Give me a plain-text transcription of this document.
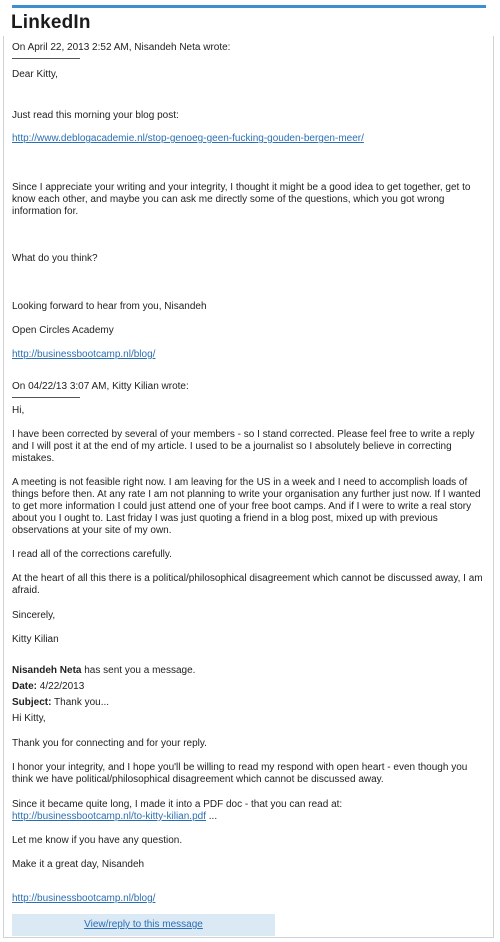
LinkedIn
On April 22, 2013 2:52 AM, Nisandeh Neta wrote:
Dear Kitty,
Just read this morning your blog post:
http://www.deblogacademie.nl/stop-genoeg-geen-fucking-gouden-bergen-meer/
Since I appreciate your writing and your integrity, I thought it might be a good idea to get together, get to know each other, and maybe you can ask me directly some of the questions, which you got wrong information for.
What do you think?
Looking forward to hear from you, Nisandeh
Open Circles Academy
http://businessbootcamp.nl/blog/
On 04/22/13 3:07 AM, Kitty Kilian wrote:
Hi,
I have been corrected by several of your members - so I stand corrected. Please feel free to write a reply and I will post it at the end of my article. I used to be a journalist so I absolutely believe in correcting mistakes.
A meeting is not feasible right now. I am leaving for the US in a week and I need to accomplish loads of things before then. At any rate I am not planning to write your organisation any further just now. If I wanted to get more information I could just attend one of your free boot camps. And if I were to write a real story about you I ought to. Last friday I was just quoting a friend in a blog post, mixed up with previous observations at your site of my own.
I read all of the corrections carefully.
At the heart of all this there is a political/philosophical disagreement which cannot be discussed away, I am afraid.
Sincerely,
Kitty Kilian
Nisandeh Neta has sent you a message.
Date: 4/22/2013
Subject: Thank you...
Hi Kitty,
Thank you for connecting and for your reply.
I honor your integrity, and I hope you'll be willing to read my respond with open heart - even though you think we have political/philosophical disagreement which cannot be discussed away.
Since it became quite long, I made it into a PDF doc - that you can read at:
http://businessbootcamp.nl/to-kitty-kilian.pdf ...
Let me know if you have any question.
Make it a great day, Nisandeh
http://businessbootcamp.nl/blog/
View/reply to this message
